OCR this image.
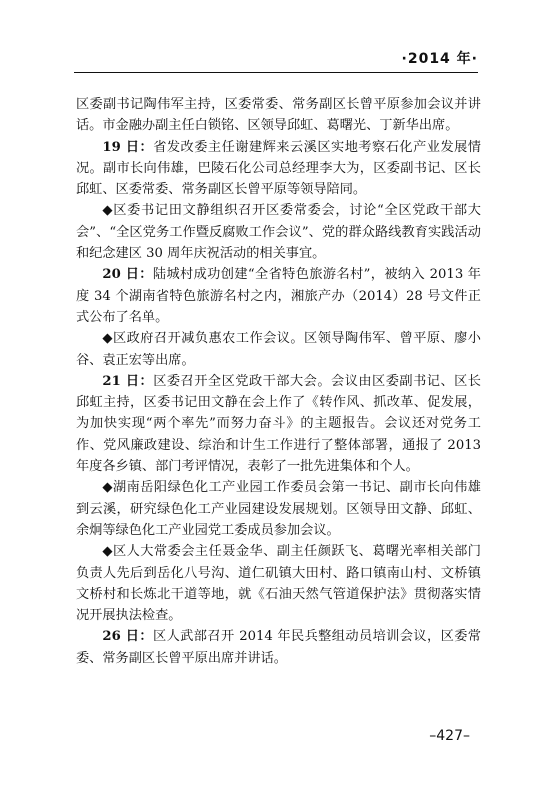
·2014 年·

区委副书记陶伟军主持，区委常委、常务副区长曾平原参加会议并讲话。市金融办副主任白锁铭、区领导邱虹、葛曙光、丁新华出席。

19 日：省发改委主任谢建辉来云溪区实地考察石化产业发展情况。副市长向伟雄，巴陵石化公司总经理李大为，区委副书记、区长邱虹、区委常委、常务副区长曾平原等领导陪同。

◆区委书记田文静组织召开区委常委会，讨论“全区党政干部大会”、“全区党务工作暨反腐败工作会议”、党的群众路线教育实践活动和纪念建区 30 周年庆祝活动的相关事宜。

20 日：陆城村成功创建“全省特色旅游名村”，被纳入 2013 年度 34 个湖南省特色旅游名村之内，湘旅产办（2014）28 号文件正式公布了名单。

◆区政府召开减负惠农工作会议。区领导陶伟军、曾平原、廖小谷、袁正宏等出席。

21 日：区委召开全区党政干部大会。会议由区委副书记、区长邱虹主持，区委书记田文静在会上作了《转作风、抓改革、促发展，为加快实现“两个率先”而努力奋斗》的主题报告。会议还对党务工作、党风廉政建设、综治和计生工作进行了整体部署，通报了 2013 年度各乡镇、部门考评情况，表彰了一批先进集体和个人。

◆湖南岳阳绿色化工产业园工作委员会第一书记、副市长向伟雄到云溪，研究绿色化工产业园建设发展规划。区领导田文静、邱虹、余炯等绿色化工产业园党工委成员参加会议。

◆区人大常委会主任聂金华、副主任颜跃飞、葛曙光率相关部门负责人先后到岳化八号沟、道仁矶镇大田村、路口镇南山村、文桥镇文桥村和长炼北干道等地，就《石油天然气管道保护法》贯彻落实情况开展执法检查。

26 日：区人武部召开 2014 年民兵整组动员培训会议，区委常委、常务副区长曾平原出席并讲话。

–427–
